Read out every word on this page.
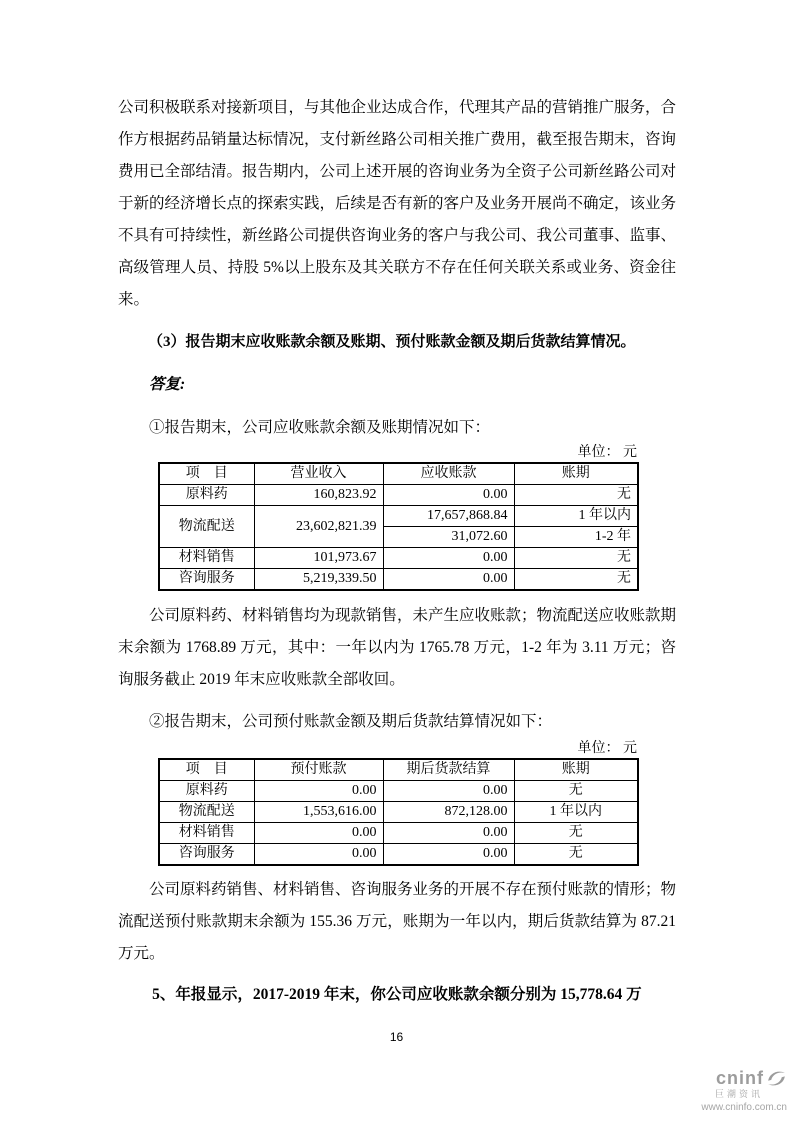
公司积极联系对接新项目，与其他企业达成合作，代理其产品的营销推广服务，合作方根据药品销量达标情况，支付新丝路公司相关推广费用，截至报告期末，咨询费用已全部结清。报告期内，公司上述开展的咨询业务为全资子公司新丝路公司对于新的经济增长点的探索实践，后续是否有新的客户及业务开展尚不确定，该业务不具有可持续性，新丝路公司提供咨询业务的客户与我公司、我公司董事、监事、高级管理人员、持股 5%以上股东及其关联方不存在任何关联关系或业务、资金往来。

（3）报告期末应收账款余额及账期、预付账款金额及期后货款结算情况。

答复:

①报告期末，公司应收账款余额及账期情况如下：

单位： 元
项　目	营业收入	应收账款	账期
原料药	160,823.92	0.00	无
物流配送	23,602,821.39	17,657,868.84	1 年以内
		31,072.60	1-2 年
材料销售	101,973.67	0.00	无
咨询服务	5,219,339.50	0.00	无

公司原料药、材料销售均为现款销售，未产生应收账款；物流配送应收账款期末余额为 1768.89 万元，其中：一年以内为 1765.78 万元，1-2 年为 3.11 万元；咨询服务截止 2019 年末应收账款全部收回。

②报告期末，公司预付账款金额及期后货款结算情况如下：

单位： 元
项　目	预付账款	期后货款结算	账期
原料药	0.00	0.00	无
物流配送	1,553,616.00	872,128.00	1 年以内
材料销售	0.00	0.00	无
咨询服务	0.00	0.00	无

公司原料药销售、材料销售、咨询服务业务的开展不存在预付账款的情形；物流配送预付账款期末余额为 155.36 万元，账期为一年以内，期后货款结算为 87.21 万元。

5、年报显示，2017-2019 年末，你公司应收账款余额分别为 15,778.64 万

16
cninf
巨潮资讯
www.cninfo.com.cn
